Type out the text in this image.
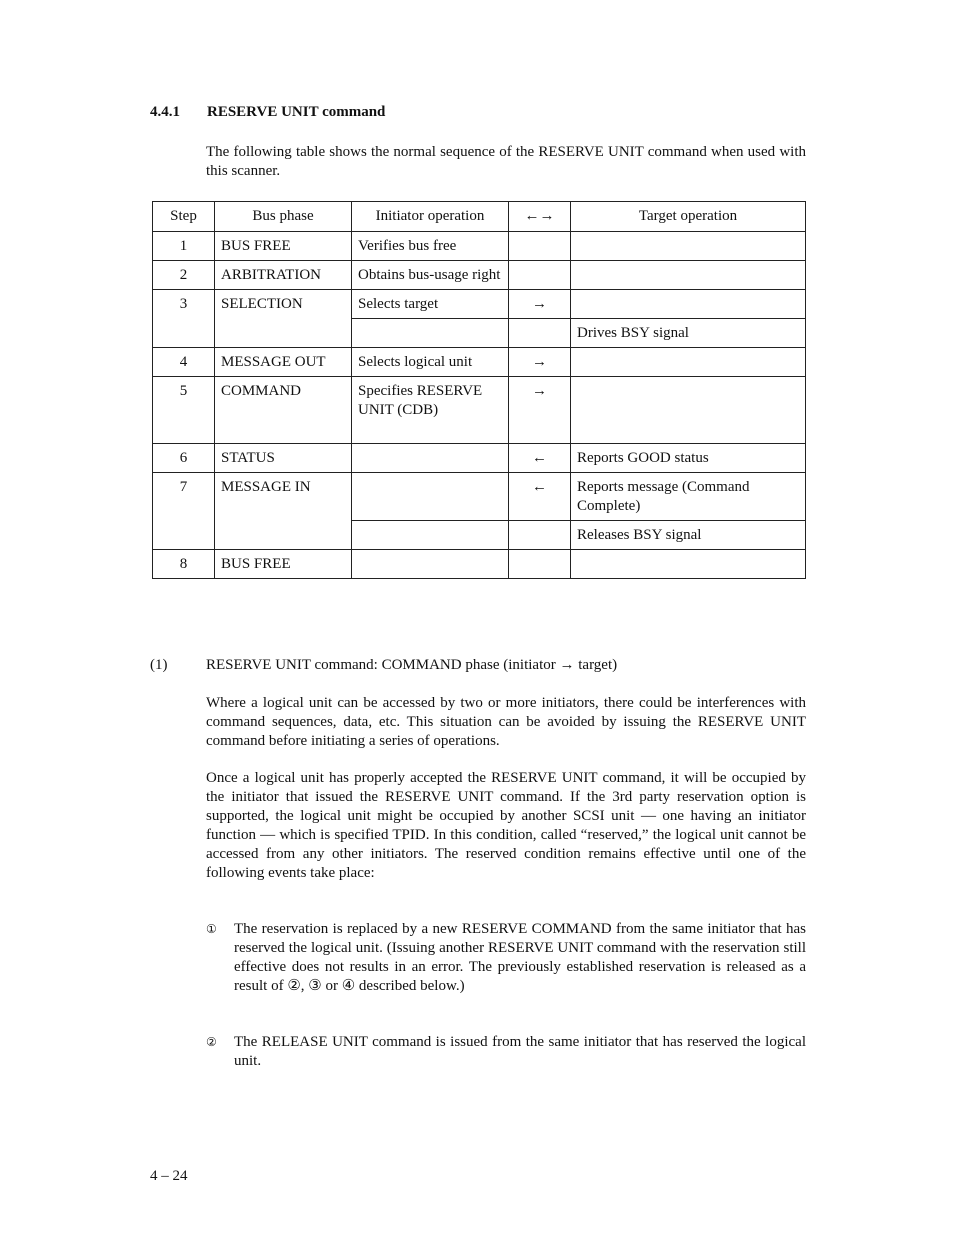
4.4.1 RESERVE UNIT command
The following table shows the normal sequence of the RESERVE UNIT command when used with this scanner.
Step	Bus phase	Initiator operation	←→	Target operation
1	BUS FREE	Verifies bus free		
2	ARBITRATION	Obtains bus-usage right		
3	SELECTION	Selects target	→	
				Drives BSY signal
4	MESSAGE OUT	Selects logical unit	→	
5	COMMAND	Specifies RESERVE UNIT (CDB)	→	
6	STATUS		←	Reports GOOD status
7	MESSAGE IN		←	Reports message (Command Complete)
				Releases BSY signal
8	BUS FREE			
(1)	RESERVE UNIT command: COMMAND phase (initiator → target)
Where a logical unit can be accessed by two or more initiators, there could be interferences with command sequences, data, etc. This situation can be avoided by issuing the RESERVE UNIT command before initiating a series of operations.
Once a logical unit has properly accepted the RESERVE UNIT command, it will be occupied by the initiator that issued the RESERVE UNIT command. If the 3rd party reservation option is supported, the logical unit might be occupied by another SCSI unit — one having an initiator function — which is specified TPID. In this condition, called “reserved,” the logical unit cannot be accessed from any other initiators. The reserved condition remains effective until one of the following events take place:
① The reservation is replaced by a new RESERVE COMMAND from the same initiator that has reserved the logical unit. (Issuing another RESERVE UNIT command with the reservation still effective does not results in an error. The previously established reservation is released as a result of ②, ③ or ④ described below.)
② The RELEASE UNIT command is issued from the same initiator that has reserved the logical unit.
4 – 24
